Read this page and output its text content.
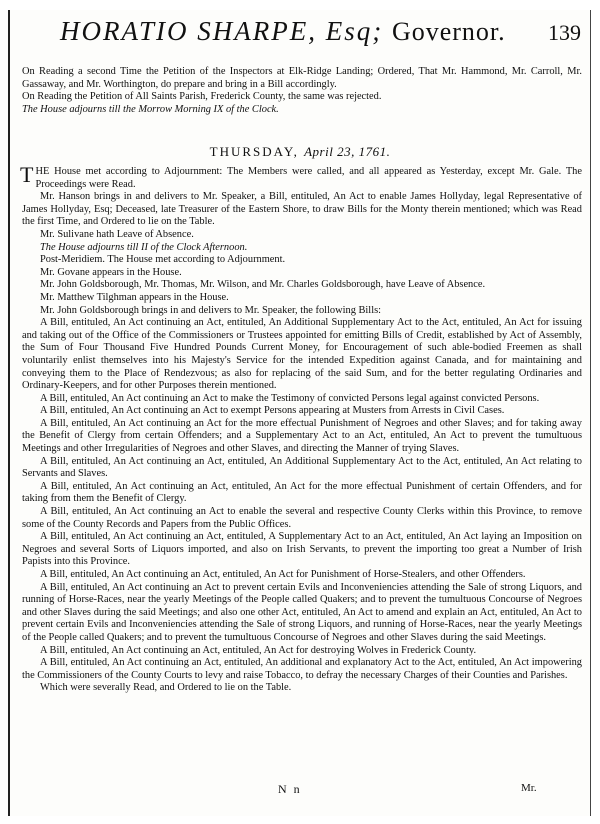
HORATIO SHARPE, Esq; Governor.	139

On Reading a second Time the Petition of the Inspectors at Elk-Ridge Landing; Ordered, That Mr. Hammond, Mr. Carroll, Mr. Gassaway, and Mr. Worthington, do prepare and bring in a Bill accordingly.

On Reading the Petition of All Saints Parish, Frederick County, the same was rejected.

The House adjourns till the Morrow Morning IX of the Clock.

THURSDAY, April 23, 1761.

THE House met according to Adjournment: The Members were called, and all appeared as Yesterday, except Mr. Gale. The Proceedings were Read.

Mr. Hanson brings in and delivers to Mr. Speaker, a Bill, entituled, An Act to enable James Hollyday, legal Representative of James Hollyday, Esq; Deceased, late Treasurer of the Eastern Shore, to draw Bills for the Monty therein mentioned; which was Read the first Time, and Ordered to lie on the Table.

Mr. Sulivane hath Leave of Absence.

The House adjourns till II of the Clock Afternoon.

Post-Meridiem. The House met according to Adjournment.

Mr. Govane appears in the House.

Mr. John Goldsborough, Mr. Thomas, Mr. Wilson, and Mr. Charles Goldsborough, have Leave of Absence.

Mr. Matthew Tilghman appears in the House.

Mr. John Goldsborough brings in and delivers to Mr. Speaker, the following Bills:

A Bill, entituled, An Act continuing an Act, entituled, An Additional Supplementary Act to the Act, entituled, An Act for issuing and taking out of the Office of the Commissioners or Trustees appointed for emitting Bills of Credit, established by Act of Assembly, the Sum of Four Thousand Five Hundred Pounds Current Money, for Encouragement of such able-bodied Freemen as shall voluntarily enlist themselves into his Majesty's Service for the intended Expedition against Canada, and for maintaining and conveying them to the Place of Rendezvous; as also for replacing of the said Sum, and for the better regulating Ordinaries and Ordinary-Keepers, and for other Purposes therein mentioned.

A Bill, entituled, An Act continuing an Act to make the Testimony of convicted Persons legal against convicted Persons.

A Bill, entituled, An Act continuing an Act to exempt Persons appearing at Musters from Arrests in Civil Cases.

A Bill, entituled, An Act continuing an Act for the more effectual Punishment of Negroes and other Slaves; and for taking away the Benefit of Clergy from certain Offenders; and a Supplementary Act to an Act, entituled, An Act to prevent the tumultuous Meetings and other Irregularities of Negroes and other Slaves, and directing the Manner of trying Slaves.

A Bill, entituled, An Act continuing an Act, entituled, An Additional Supplementary Act to the Act, entituled, An Act relating to Servants and Slaves.

A Bill, entituled, An Act continuing an Act, entituled, An Act for the more effectual Punishment of certain Offenders, and for taking from them the Benefit of Clergy.

A Bill, entituled, An Act continuing an Act to enable the several and respective County Clerks within this Province, to remove some of the County Records and Papers from the Public Offices.

A Bill, entituled, An Act continuing an Act, entituled, A Supplementary Act to an Act, entituled, An Act laying an Imposition on Negroes and several Sorts of Liquors imported, and also on Irish Servants, to prevent the importing too great a Number of Irish Papists into this Province.

A Bill, entituled, An Act continuing an Act, entituled, An Act for Punishment of Horse-Stealers, and other Offenders.

A Bill, entituled, An Act continuing an Act to prevent certain Evils and Inconveniencies attending the Sale of strong Liquors, and running of Horse-Races, near the yearly Meetings of the People called Quakers; and to prevent the tumultuous Concourse of Negroes and other Slaves during the said Meetings; and also one other Act, entituled, An Act to amend and explain an Act, entituled, An Act to prevent certain Evils and Inconveniencies attending the Sale of strong Liquors, and running of Horse-Races, near the yearly Meetings of the People called Quakers; and to prevent the tumultuous Concourse of Negroes and other Slaves during the said Meetings.

A Bill, entituled, An Act continuing an Act, entituled, An Act for destroying Wolves in Frederick County.

A Bill, entituled, An Act continuing an Act, entituled, An additional and explanatory Act to the Act, entituled, An Act impowering the Commissioners of the County Courts to levy and raise Tobacco, to defray the necessary Charges of their Counties and Parishes.

Which were severally Read, and Ordered to lie on the Table.

N n	Mr.
